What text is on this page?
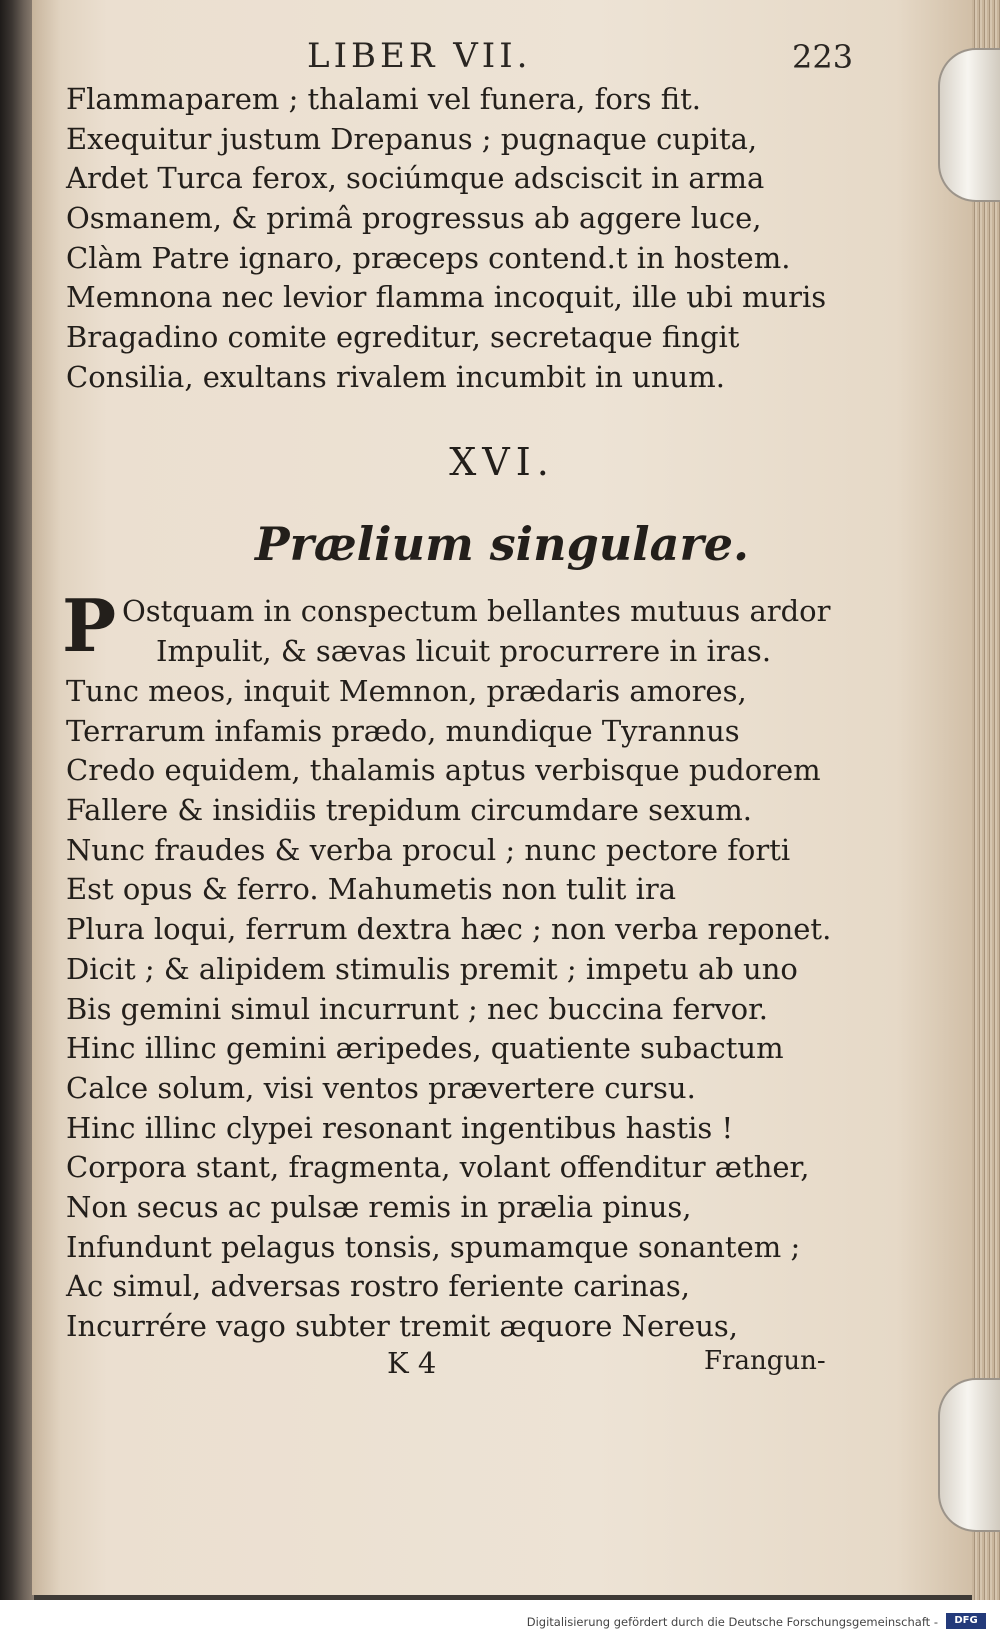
LIBER VII.	223
Flammaparem ; thalami vel funera, fors fit.
Exequitur justum Drepanus ; pugnaque cupita,
Ardet Turca ferox, sociúmque adsciscit in arma
Osmanem, & primâ progressus ab aggere luce,
Clàm Patre ignaro, præceps contend.t in hostem.
Memnona nec levior flamma incoquit, ille ubi muris
Bragadino comite egreditur, secretaque fingit
Consilia, exultans rivalem incumbit in unum.
XVI.
Prælium singulare.
P Ostquam in conspectum bellantes mutuus ardor
Impulit, & sævas licuit procurrere in iras.
Tunc meos, inquit Memnon, prædaris amores,
Terrarum infamis prædo, mundique Tyrannus
Credo equidem, thalamis aptus verbisque pudorem
Fallere & insidiis trepidum circumdare sexum.
Nunc fraudes & verba procul ; nunc pectore forti
Est opus & ferro. Mahumetis non tulit ira
Plura loqui, ferrum dextra hæc ; non verba reponet.
Dicit ; & alipidem stimulis premit ; impetu ab uno
Bis gemini simul incurrunt ; nec buccina fervor.
Hinc illinc gemini æripedes, quatiente subactum
Calce solum, visi ventos prævertere cursu.
Hinc illinc clypei resonant ingentibus hastis !
Corpora stant, fragmenta, volant offenditur æther,
Non secus ac pulsæ remis in prælia pinus,
Infundunt pelagus tonsis, spumamque sonantem ;
Ac simul, adversas rostro feriente carinas,
Incurrére vago subter tremit æquore Nereus,
K 4	Frangun-
Digitalisierung gefördert durch die Deutsche Forschungsgemeinschaft -	DFG
